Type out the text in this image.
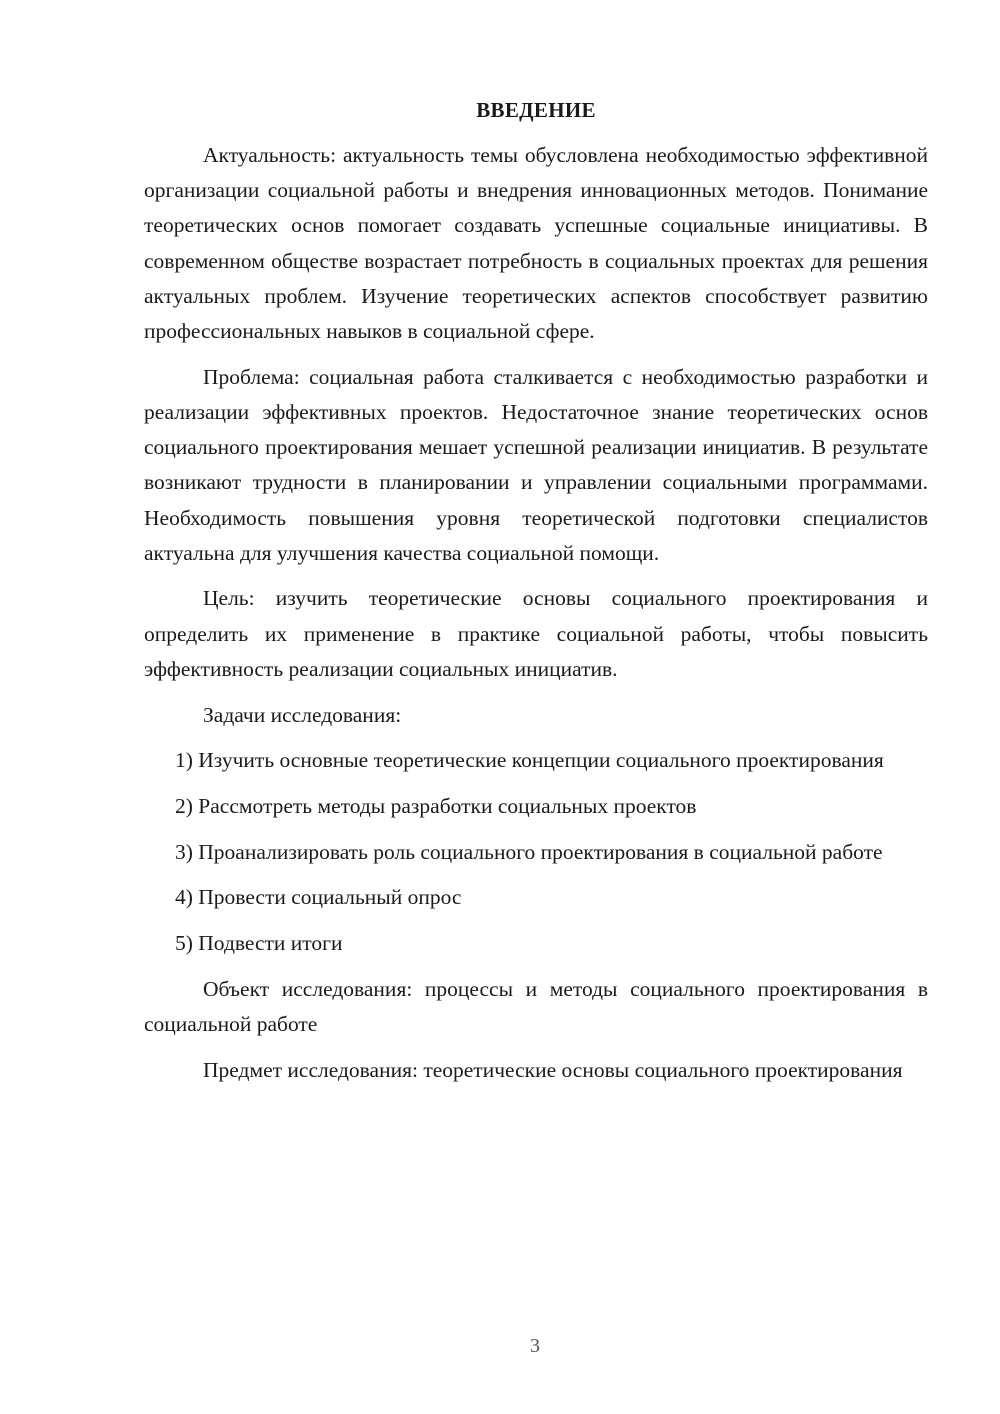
ВВЕДЕНИЕ

Актуальность: актуальность темы обусловлена необходимостью эффективной организации социальной работы и внедрения инновационных методов. Понимание теоретических основ помогает создавать успешные социальные инициативы. В современном обществе возрастает потребность в социальных проектах для решения актуальных проблем. Изучение теоретических аспектов способствует развитию профессиональных навыков в социальной сфере.

Проблема: социальная работа сталкивается с необходимостью разработки и реализации эффективных проектов. Недостаточное знание теоретических основ социального проектирования мешает успешной реализации инициатив. В результате возникают трудности в планировании и управлении социальными программами. Необходимость повышения уровня теоретической подготовки специалистов актуальна для улучшения качества социальной помощи.

Цель: изучить теоретические основы социального проектирования и определить их применение в практике социальной работы, чтобы повысить эффективность реализации социальных инициатив.

Задачи исследования:

1) Изучить основные теоретические концепции социального проектирования

2) Рассмотреть методы разработки социальных проектов

3) Проанализировать роль социального проектирования в социальной работе

4) Провести социальный опрос

5) Подвести итоги

Объект исследования: процессы и методы социального проектирования в социальной работе

Предмет исследования: теоретические основы социального проектирования

3
